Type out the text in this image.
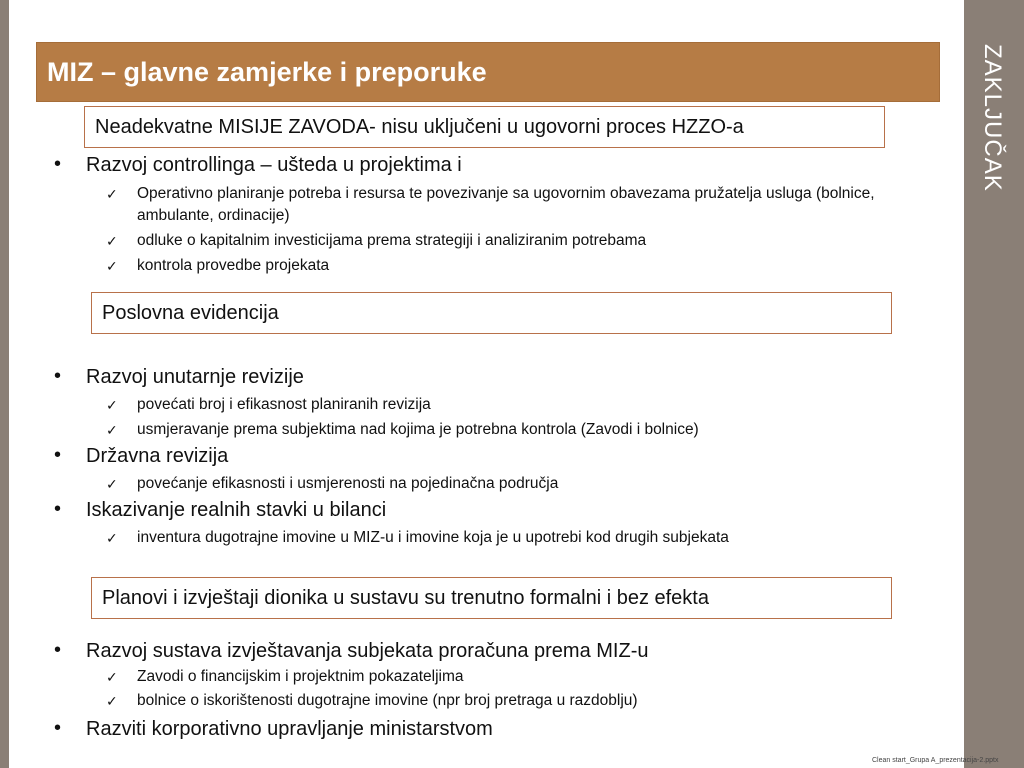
ZAKLJUČAK
MIZ – glavne zamjerke i preporuke
Neadekvatne MISIJE ZAVODA- nisu uključeni u ugovorni proces HZZO-a
• Razvoj controllinga – ušteda u projektima i
✓ Operativno planiranje potreba i resursa te povezivanje sa ugovornim obavezama pružatelja usluga (bolnice, ambulante, ordinacije)
✓ odluke o kapitalnim investicijama prema strategiji i analiziranim potrebama
✓ kontrola provedbe projekata
Poslovna evidencija
• Razvoj unutarnje revizije
✓ povećati broj i efikasnost planiranih revizija
✓ usmjeravanje prema subjektima nad kojima je potrebna kontrola (Zavodi i bolnice)
• Državna revizija
✓ povećanje efikasnosti i usmjerenosti na pojedinačna područja
• Iskazivanje realnih stavki u bilanci
✓ inventura dugotrajne imovine u MIZ-u i imovine koja je u upotrebi kod drugih subjekata
Planovi i izvještaji dionika u sustavu su trenutno formalni i bez efekta
• Razvoj sustava izvještavanja subjekata proračuna prema MIZ-u
✓ Zavodi o financijskim i projektnim pokazateljima
✓ bolnice o iskorištenosti dugotrajne imovine (npr broj pretraga u razdoblju)
• Razviti korporativno upravljanje ministarstvom
Clean start_Grupa A_prezentacija-2.pptx
